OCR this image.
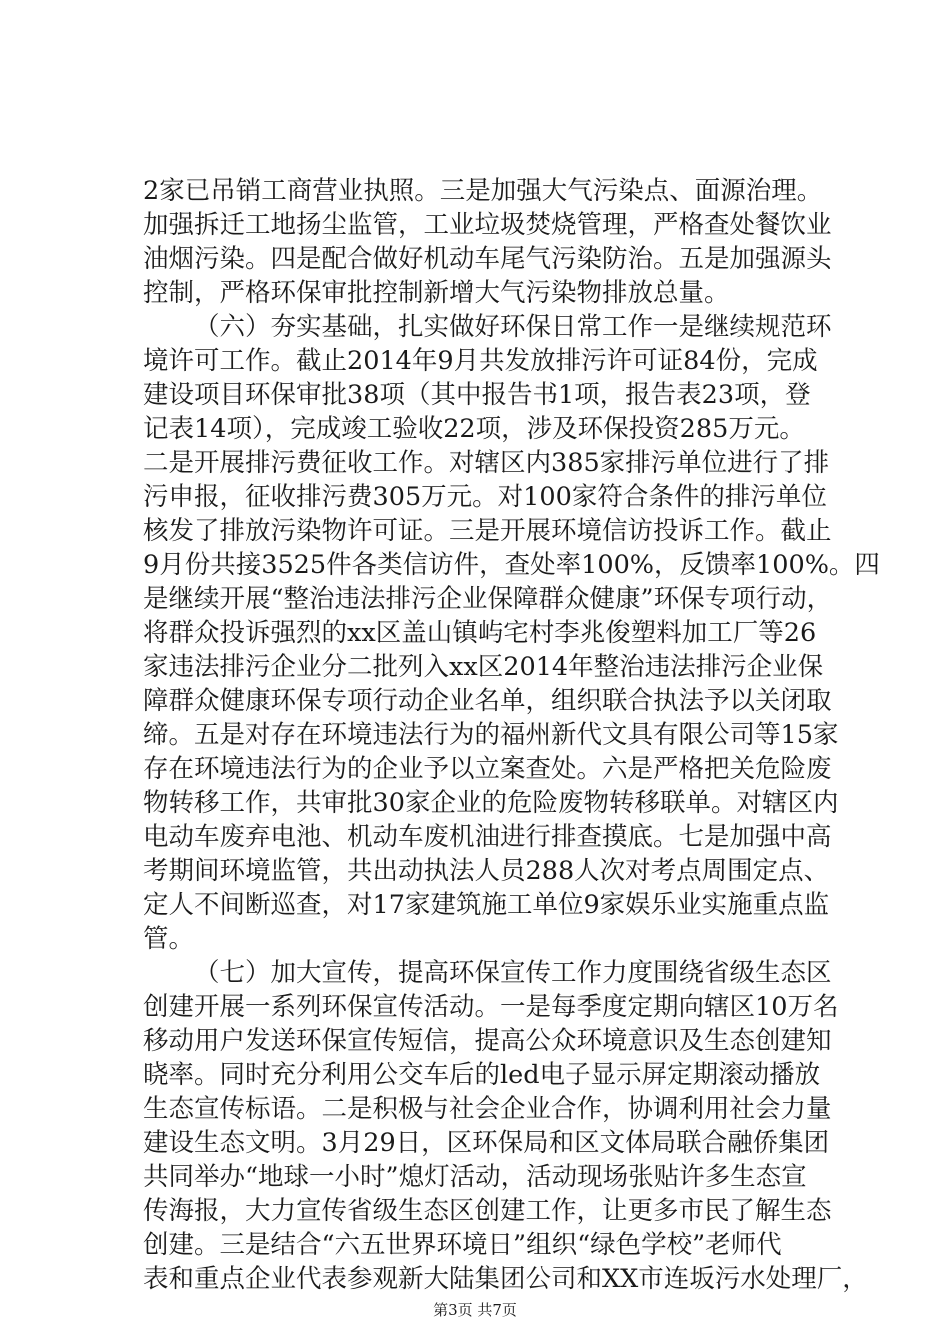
2家已吊销工商营业执照。三是加强大气污染点、面源治理。
加强拆迁工地扬尘监管，工业垃圾焚烧管理，严格查处餐饮业
油烟污染。四是配合做好机动车尾气污染防治。五是加强源头
控制，严格环保审批控制新增大气污染物排放总量。
（六）夯实基础，扎实做好环保日常工作一是继续规范环
境许可工作。截止2014年9月共发放排污许可证84份，完成
建设项目环保审批38项（其中报告书1项，报告表23项，登
记表14项），完成竣工验收22项，涉及环保投资285万元。
二是开展排污费征收工作。对辖区内385家排污单位进行了排
污申报，征收排污费305万元。对100家符合条件的排污单位
核发了排放污染物许可证。三是开展环境信访投诉工作。截止
9月份共接3525件各类信访件，查处率100%，反馈率100%。四
是继续开展“整治违法排污企业保障群众健康”环保专项行动，
将群众投诉强烈的xx区盖山镇屿宅村李兆俊塑料加工厂等26
家违法排污企业分二批列入xx区2014年整治违法排污企业保
障群众健康环保专项行动企业名单，组织联合执法予以关闭取
缔。五是对存在环境违法行为的福州新代文具有限公司等15家
存在环境违法行为的企业予以立案查处。六是严格把关危险废
物转移工作，共审批30家企业的危险废物转移联单。对辖区内
电动车废弃电池、机动车废机油进行排查摸底。七是加强中高
考期间环境监管，共出动执法人员288人次对考点周围定点、
定人不间断巡查，对17家建筑施工单位9家娱乐业实施重点监
管。
（七）加大宣传，提高环保宣传工作力度围绕省级生态区
创建开展一系列环保宣传活动。一是每季度定期向辖区10万名
移动用户发送环保宣传短信，提高公众环境意识及生态创建知
晓率。同时充分利用公交车后的led电子显示屏定期滚动播放
生态宣传标语。二是积极与社会企业合作，协调利用社会力量
建设生态文明。3月29日，区环保局和区文体局联合融侨集团
共同举办“地球一小时”熄灯活动，活动现场张贴许多生态宣
传海报，大力宣传省级生态区创建工作，让更多市民了解生态
创建。三是结合“六五世界环境日”组织“绿色学校”老师代
表和重点企业代表参观新大陆集团公司和XX市连坂污水处理厂，
第3页 共7页
